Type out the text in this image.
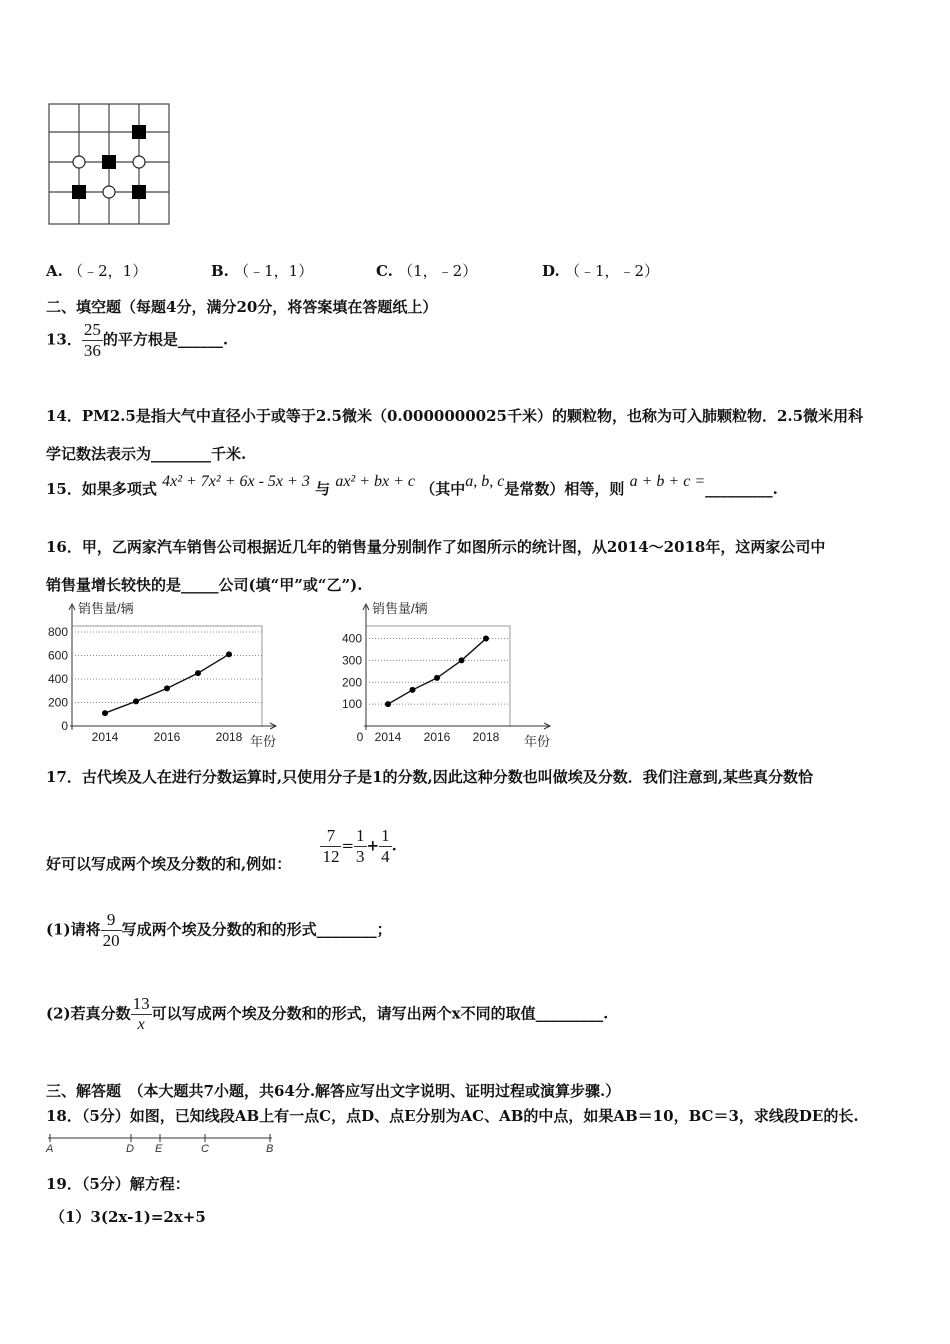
A. （﹣2，1）	B. （﹣1，1）	C. （1，﹣2）	D. （﹣1，﹣2）
二、填空题（每题4分，满分20分，将答案填在答题纸上）
13． $\frac{25}{36}$ 的平方根是______.
14．PM2.5是指大气中直径小于或等于2.5微米（0.0000000025千米）的颗粒物，也称为可入肺颗粒物．2.5微米用科
学记数法表示为________千米.
15．如果多项式 4x² + 7x² + 6x - 5x + 3 与 ax² + bx + c （其中a, b, c是常数）相等，则 a + b + c =_________.
16．甲，乙两家汽车销售公司根据近几年的销售量分别制作了如图所示的统计图，从2014～2018年，这两家公司中
销售量增长较快的是_____公司(填“甲”或“乙”).
0
200
400
600
800
2014	2016	2018
销售量/辆
年份
100
200
300
400
0 2014 2016 2018
销售量/辆
年份
17．古代埃及人在进行分数运算时,只使用分子是1的分数,因此这种分数也叫做埃及分数．我们注意到,某些真分数恰
好可以写成两个埃及分数的和,例如： $\frac{7}{12} = \frac{1}{3} + \frac{1}{4}$ .
(1)请将 $\frac{9}{20}$ 写成两个埃及分数的和的形式________；
(2)若真分数 $\frac{13}{x}$ 可以写成两个埃及分数和的形式，请写出两个x不同的取值_________.
三、解答题　（本大题共7小题，共64分.解答应写出文字说明、证明过程或演算步骤.）
18．（5分）如图，已知线段AB上有一点C，点D、点E分别为AC、AB的中点，如果AB＝10，BC＝3，求线段DE的长.
A	D E	C	B
19．（5分）解方程：
（1）3(2x-1)=2x+5
